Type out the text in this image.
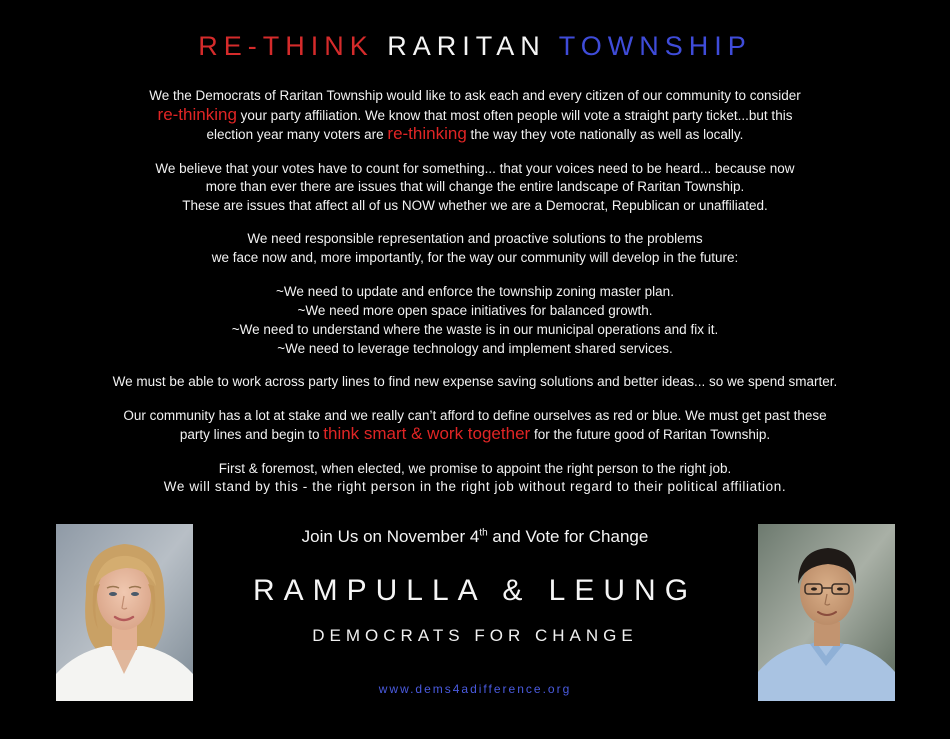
RE-THINK RARITAN TOWNSHIP

We the Democrats of Raritan Township would like to ask each and every citizen of our community to consider
re-thinking your party affiliation. We know that most often people will vote a straight party ticket...but this
election year many voters are re-thinking the way they vote nationally as well as locally.

We believe that your votes have to count for something... that your voices need to be heard... because now
more than ever there are issues that will change the entire landscape of Raritan Township.
These are issues that affect all of us NOW whether we are a Democrat, Republican or unaffiliated.

We need responsible representation and proactive solutions to the problems
we face now and, more importantly, for the way our community will develop in the future:

~We need to update and enforce the township zoning master plan.
~We need more open space initiatives for balanced growth.
~We need to understand where the waste is in our municipal operations and fix it.
~We need to leverage technology and implement shared services.

We must be able to work across party lines to find new expense saving solutions and better ideas... so we spend smarter.

Our community has a lot at stake and we really can’t afford to define ourselves as red or blue. We must get past these
party lines and begin to think smart & work together for the future good of Raritan Township.

First & foremost, when elected, we promise to appoint the right person to the right job.
We will stand by this - the right person in the right job without regard to their political affiliation.

Join Us on November 4th and Vote for Change
RAMPULLA & LEUNG
DEMOCRATS FOR CHANGE
www.dems4adifference.org
